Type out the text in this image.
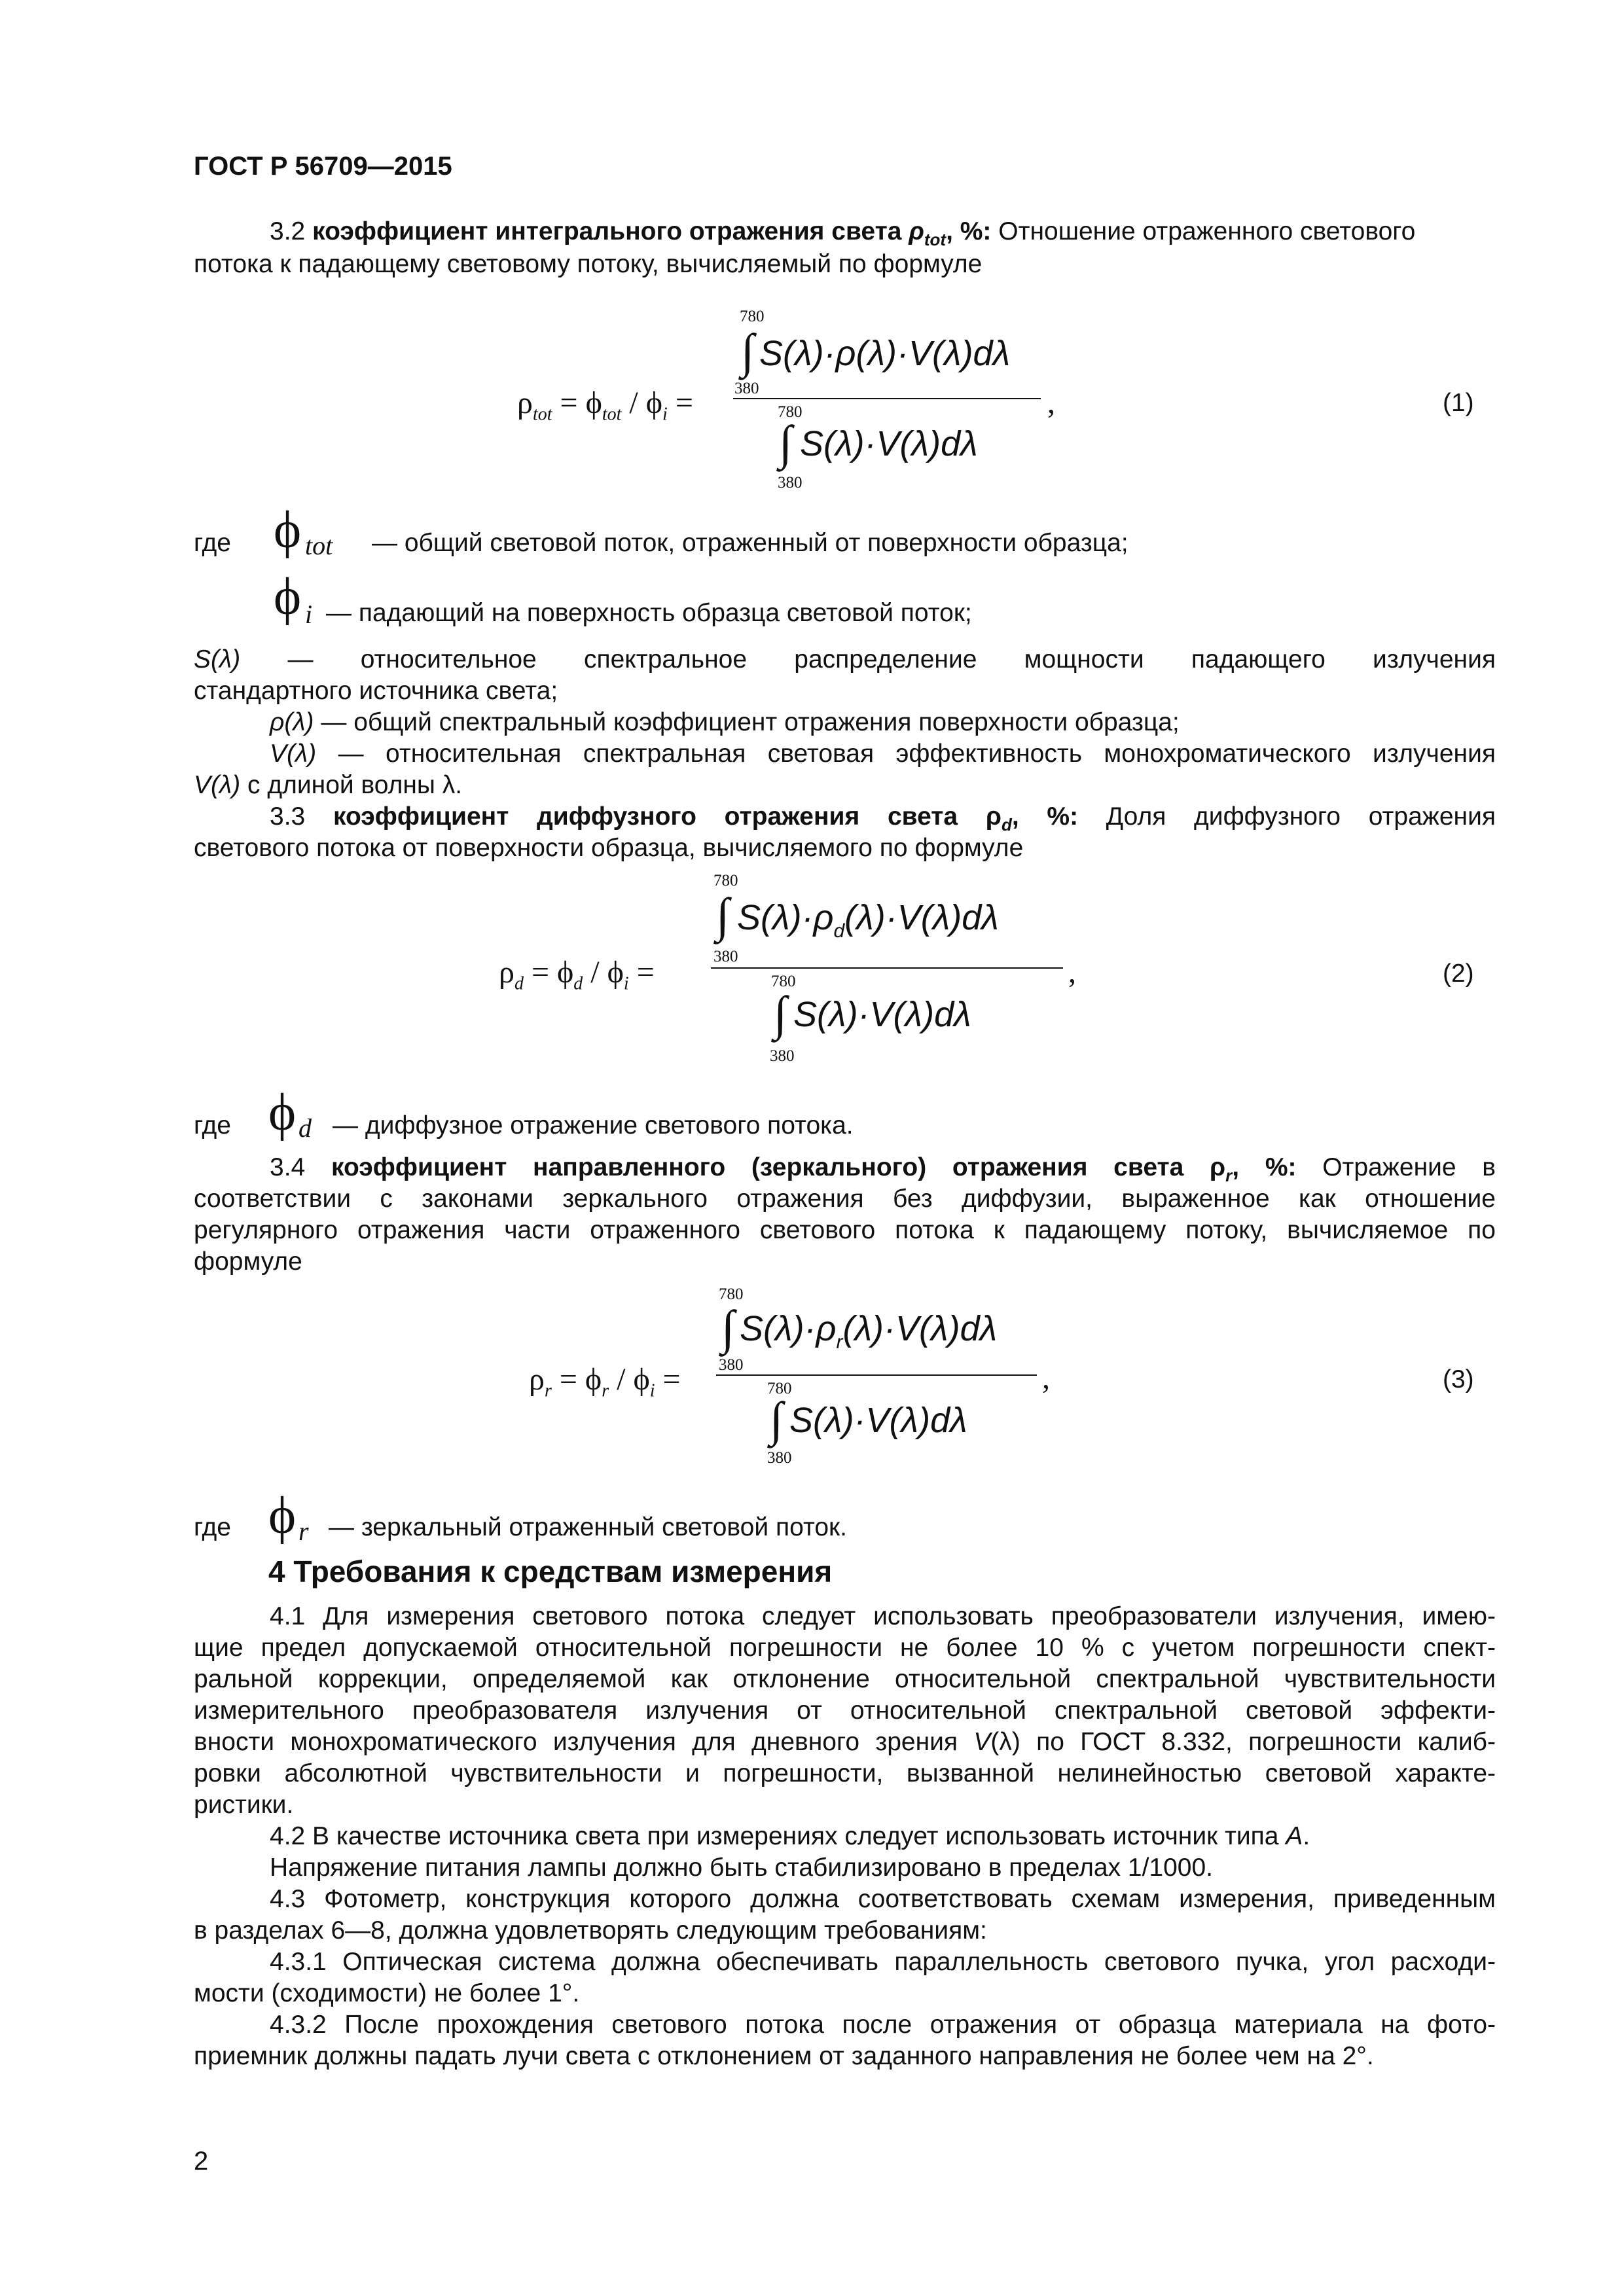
ГОСТ Р 56709—2015
3.2 коэффициент интегрального отражения света $\rho_{tot}$, %: Отношение отраженного светового
потока к падающему световому потоку, вычисляемый по формуле
$\rho_{tot} = \phi_{tot} / \phi_i$ =
780
∫ S(λ)·ρ(λ)·V(λ)dλ
380
780
∫ S(λ)·V(λ)dλ
380
,	(1)
где ϕ tot — общий световой поток, отраженный от поверхности образца;
ϕ i — падающий на поверхность образца световой поток;
S(λ) — относительное спектральное распределение мощности падающего излучения
стандартного источника света;
ρ(λ) — общий спектральный коэффициент отражения поверхности образца;
V(λ) — относительная спектральная световая эффективность монохроматического излучения
V(λ) с длиной волны λ.
3.3 коэффициент диффузного отражения света $\rho_d$, %: Доля диффузного отражения
светового потока от поверхности образца, вычисляемого по формуле
$\rho_d = \phi_d / \phi_i$ =
780
∫ $S(\lambda)\cdot\rho_d(\lambda)\cdot V(\lambda)d\lambda$
380
780
∫ S(λ)·V(λ)dλ
380
,	(2)
где ϕ d — диффузное отражение светового потока.
3.4 коэффициент направленного (зеркального) отражения света $\rho_r$, %: Отражение в
соответствии с законами зеркального отражения без диффузии, выраженное как отношение
регулярного отражения части отраженного светового потока к падающему потоку, вычисляемое по
формуле
$\rho_r = \phi_r / \phi_i$ =
780
∫ $S(\lambda)\cdot\rho_r(\lambda)\cdot V(\lambda)d\lambda$
380
780
∫ S(λ)·V(λ)dλ
380
,	(3)
где ϕ r — зеркальный отраженный световой поток.
4 Требования к средствам измерения
4.1 Для измерения светового потока следует использовать преобразователи излучения, имею-
щие предел допускаемой относительной погрешности не более 10 % с учетом погрешности спект-
ральной коррекции, определяемой как отклонение относительной спектральной чувствительности
измерительного преобразователя излучения от относительной спектральной световой эффекти-
вности монохроматического излучения для дневного зрения V(λ) по ГОСТ 8.332, погрешности калиб-
ровки абсолютной чувствительности и погрешности, вызванной нелинейностью световой характе-
ристики.
4.2 В качестве источника света при измерениях следует использовать источник типа А.
Напряжение питания лампы должно быть стабилизировано в пределах 1/1000.
4.3 Фотометр, конструкция которого должна соответствовать схемам измерения, приведенным
в разделах 6—8, должна удовлетворять следующим требованиям:
4.3.1 Оптическая система должна обеспечивать параллельность светового пучка, угол расходи-
мости (сходимости) не более 1°.
4.3.2 После прохождения светового потока после отражения от образца материала на фото-
приемник должны падать лучи света с отклонением от заданного направления не более чем на 2°.
2
